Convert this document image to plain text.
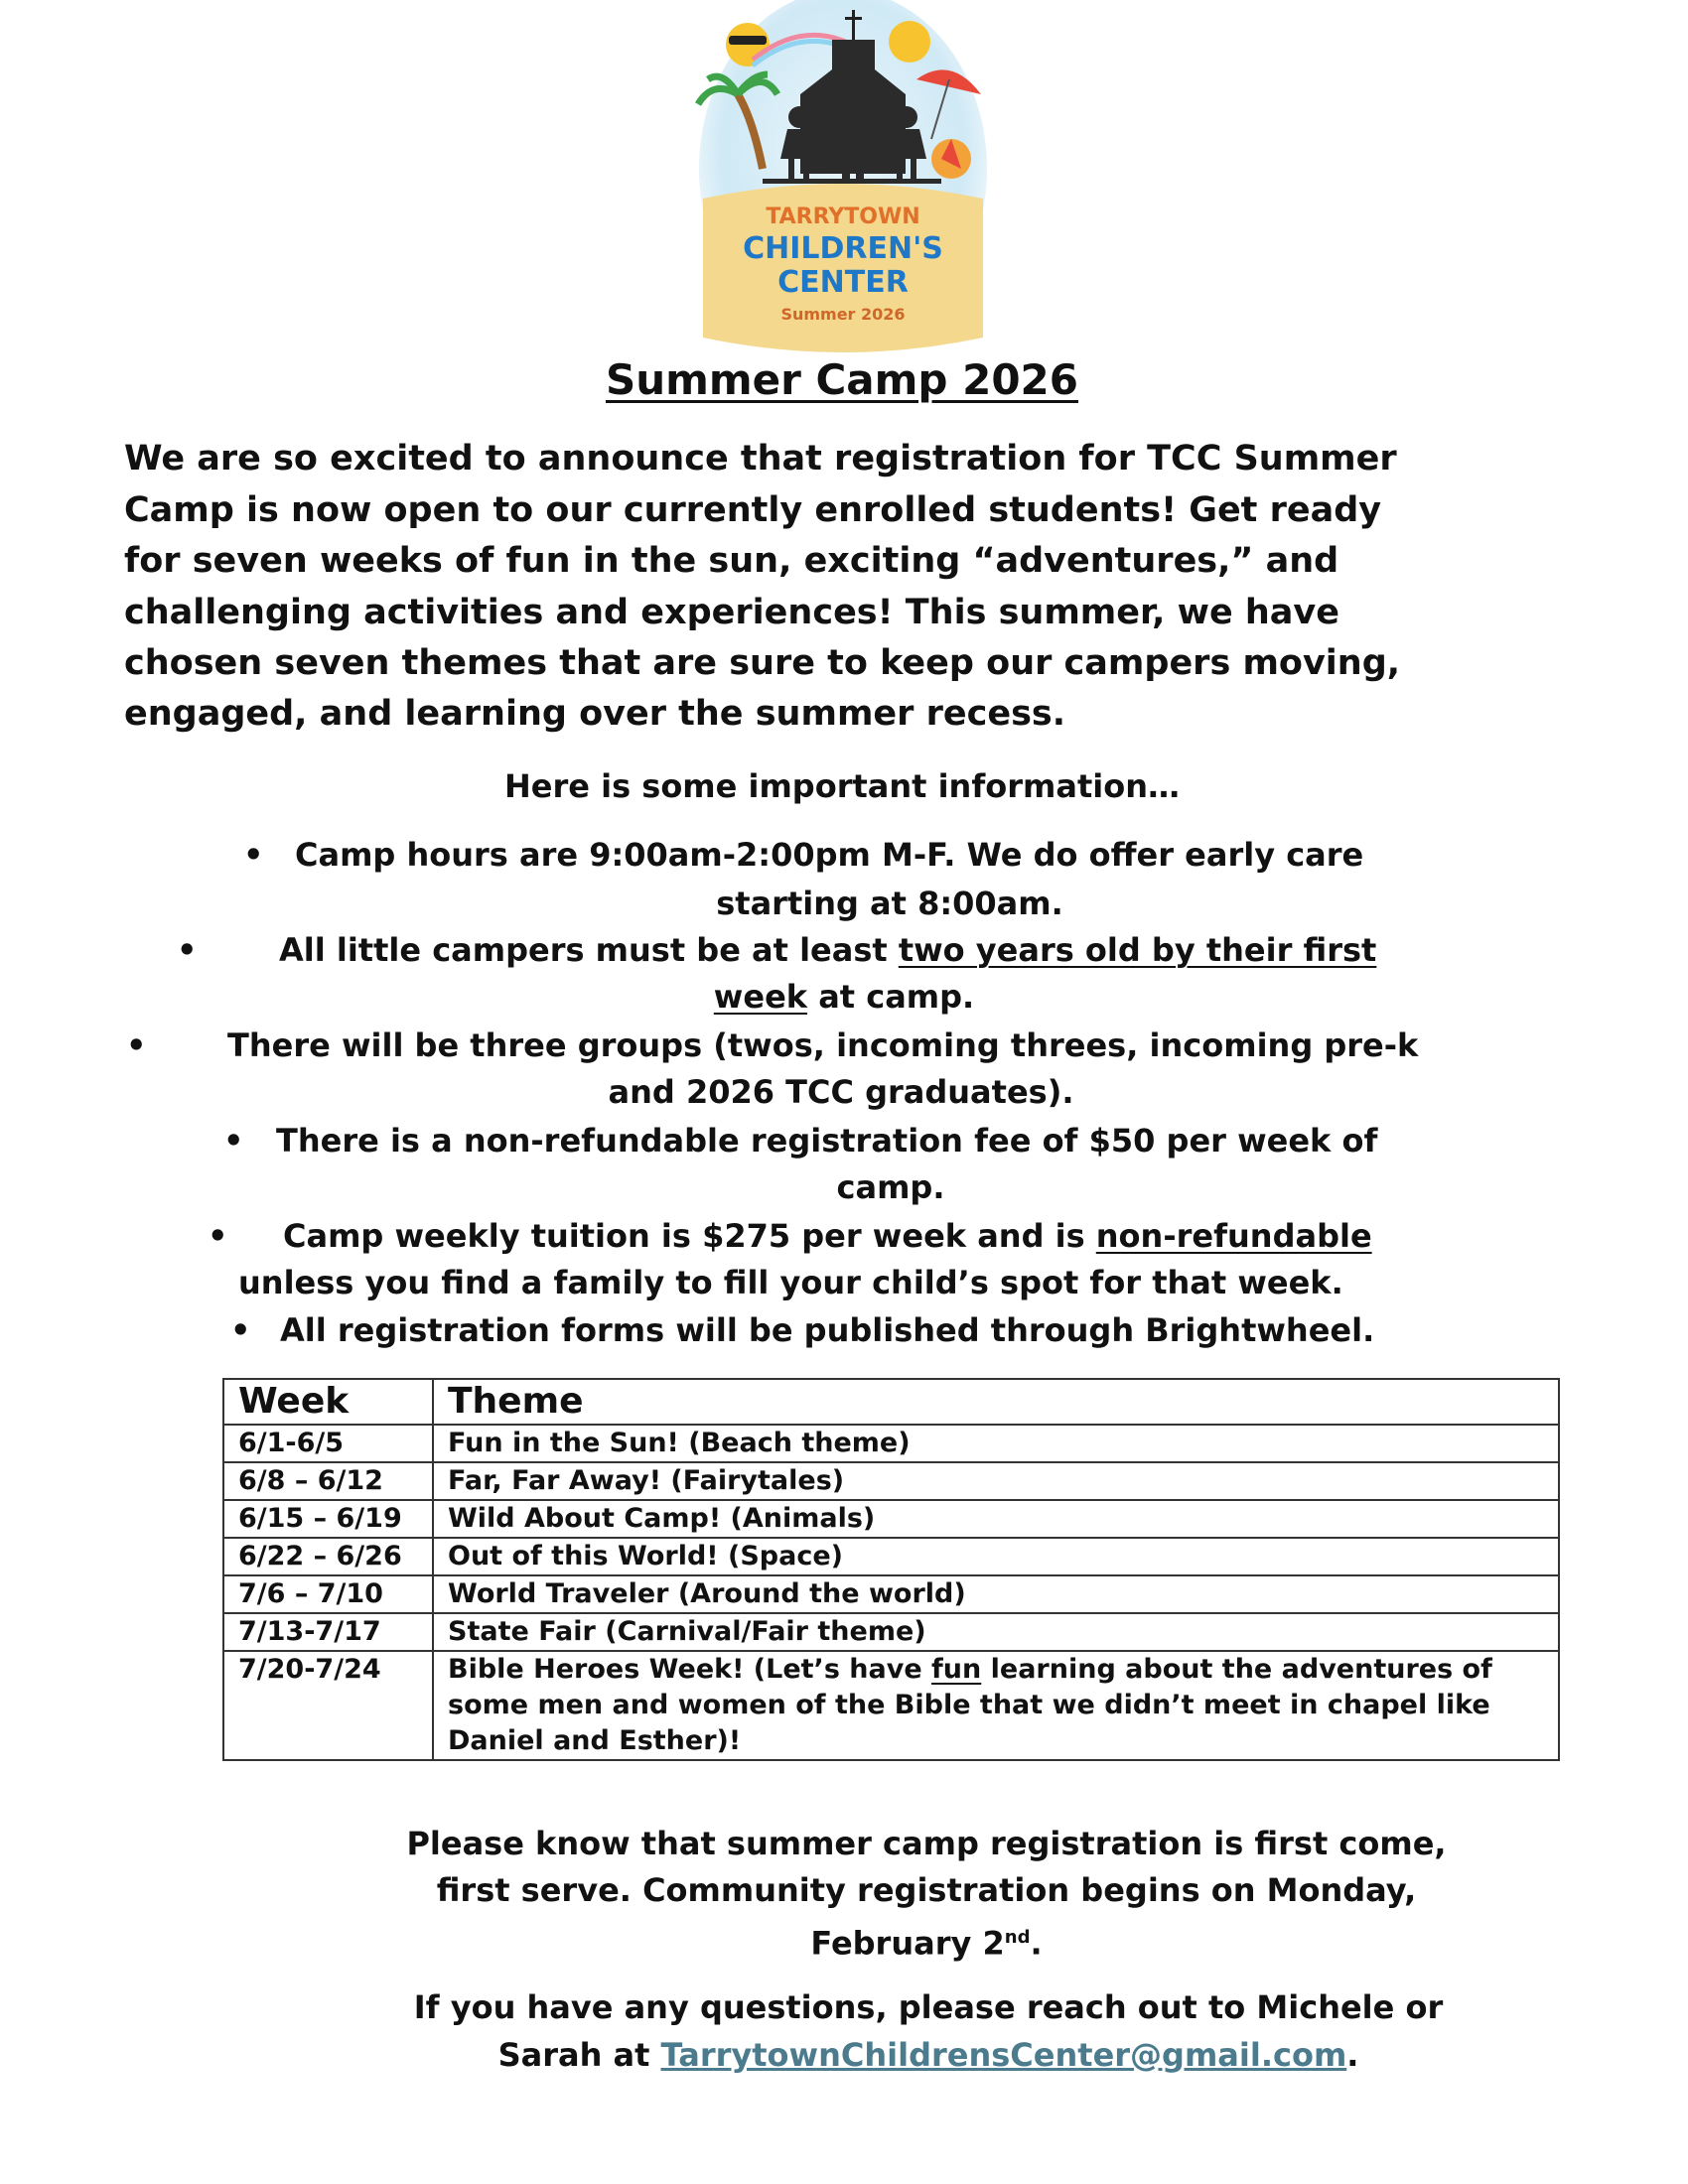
TARRYTOWN
CHILDREN'S
CENTER
Summer 2026
Summer Camp 2026
We are so excited to announce that registration for TCC Summer
Camp is now open to our currently enrolled students! Get ready
for seven weeks of fun in the sun, exciting “adventures,” and
challenging activities and experiences! This summer, we have
chosen seven themes that are sure to keep our campers moving,
engaged, and learning over the summer recess.
Here is some important information…
• Camp hours are 9:00am-2:00pm M-F. We do offer early care
starting at 8:00am.
•	All little campers must be at least two years old by their first
week at camp.
•	There will be three groups (twos, incoming threes, incoming pre-k
and 2026 TCC graduates).
• There is a non-refundable registration fee of $50 per week of
camp.
• Camp weekly tuition is $275 per week and is non-refundable
unless you find a family to fill your child’s spot for that week.
• All registration forms will be published through Brightwheel.
Week	Theme
6/1-6/5	Fun in the Sun! (Beach theme)
6/8 – 6/12	Far, Far Away! (Fairytales)
6/15 – 6/19	Wild About Camp! (Animals)
6/22 – 6/26	Out of this World! (Space)
7/6 – 7/10	World Traveler (Around the world)
7/13-7/17	State Fair (Carnival/Fair theme)
7/20-7/24	Bible Heroes Week! (Let’s have fun learning about the adventures of some men and women of the Bible that we didn’t meet in chapel like Daniel and Esther)!
Please know that summer camp registration is first come,
first serve. Community registration begins on Monday,
February 2nd.
If you have any questions, please reach out to Michele or
Sarah at TarrytownChildrensCenter@gmail.com.
